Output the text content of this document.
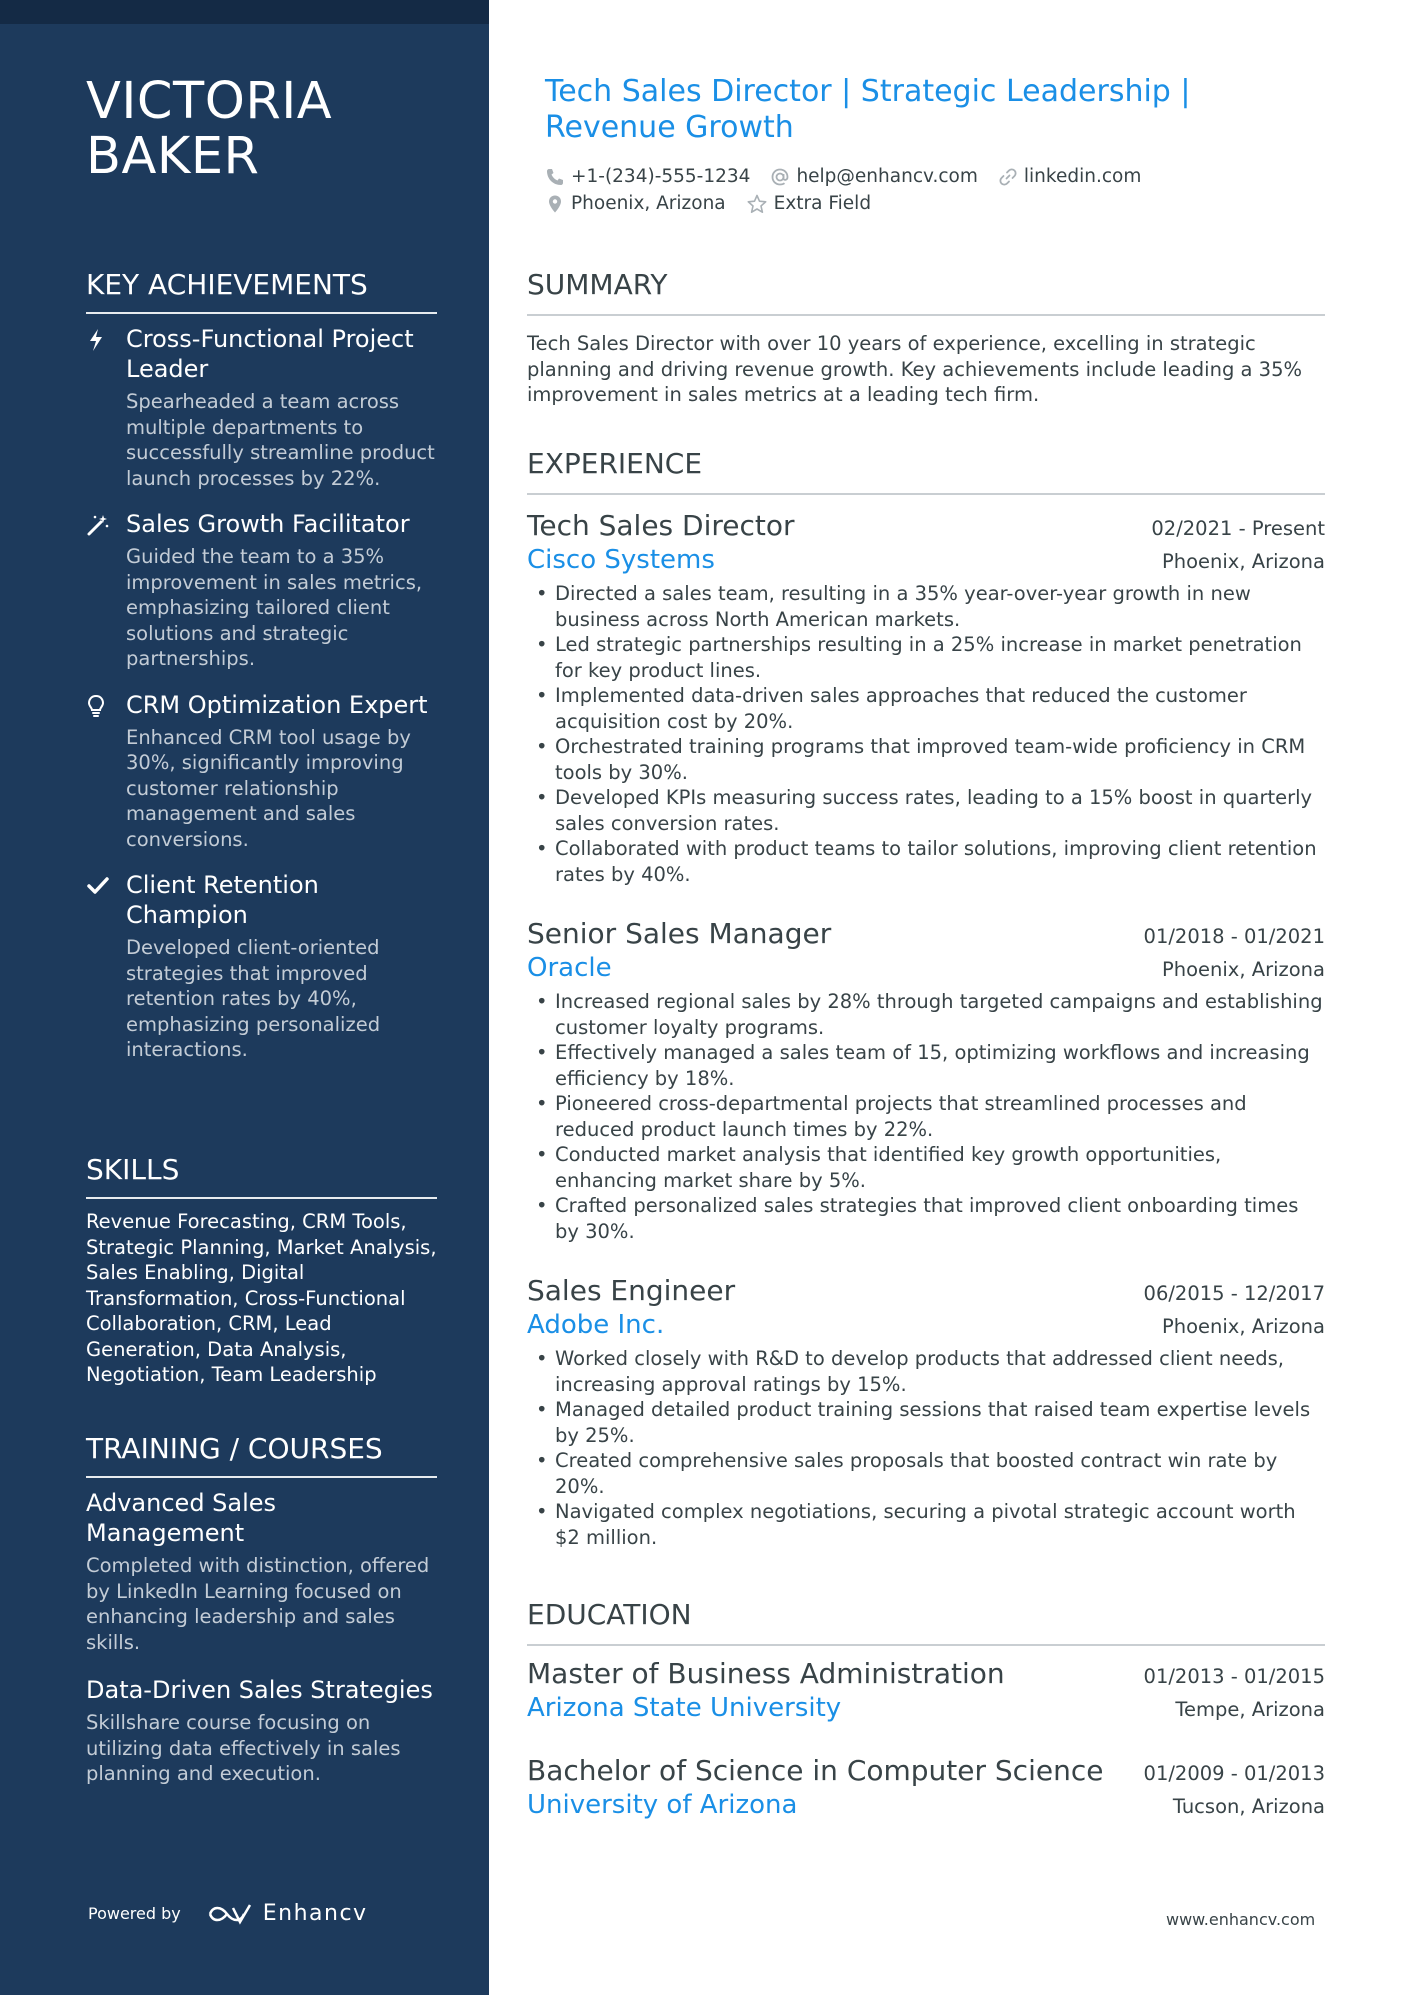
VICTORIA BAKER
KEY ACHIEVEMENTS
Cross-Functional Project Leader
Spearheaded a team across multiple departments to successfully streamline product launch processes by 22%.
Sales Growth Facilitator
Guided the team to a 35% improvement in sales metrics, emphasizing tailored client solutions and strategic partnerships.
CRM Optimization Expert
Enhanced CRM tool usage by 30%, significantly improving customer relationship management and sales conversions.
Client Retention Champion
Developed client-oriented strategies that improved retention rates by 40%, emphasizing personalized interactions.
SKILLS
Revenue Forecasting, CRM Tools, Strategic Planning, Market Analysis, Sales Enabling, Digital Transformation, Cross-Functional Collaboration, CRM, Lead Generation, Data Analysis, Negotiation, Team Leadership
TRAINING / COURSES
Advanced Sales Management
Completed with distinction, offered by LinkedIn Learning focused on enhancing leadership and sales skills.
Data-Driven Sales Strategies
Skillshare course focusing on utilizing data effectively in sales planning and execution.
Powered by	Enhancv
Tech Sales Director | Strategic Leadership | Revenue Growth
+1-(234)-555-1234 help@enhancv.com linkedin.com
Phoenix, Arizona	Extra Field
SUMMARY

Tech Sales Director with over 10 years of experience, excelling in strategic planning and driving revenue growth. Key achievements include leading a 35% improvement in sales metrics at a leading tech firm.

EXPERIENCE
Tech Sales Director	02/2021 - Present
Cisco Systems	Phoenix, Arizona
• Directed a sales team, resulting in a 35% year-over-year growth in new business across North American markets.
• Led strategic partnerships resulting in a 25% increase in market penetration for key product lines.
• Implemented data-driven sales approaches that reduced the customer acquisition cost by 20%.
• Orchestrated training programs that improved team-wide proficiency in CRM tools by 30%.
• Developed KPIs measuring success rates, leading to a 15% boost in quarterly sales conversion rates.
• Collaborated with product teams to tailor solutions, improving client retention rates by 40%.
Senior Sales Manager	01/2018 - 01/2021
Oracle	Phoenix, Arizona
• Increased regional sales by 28% through targeted campaigns and establishing customer loyalty programs.
• Effectively managed a sales team of 15, optimizing workflows and increasing efficiency by 18%.
• Pioneered cross-departmental projects that streamlined processes and reduced product launch times by 22%.
• Conducted market analysis that identified key growth opportunities, enhancing market share by 5%.
• Crafted personalized sales strategies that improved client onboarding times by 30%.
Sales Engineer	06/2015 - 12/2017
Adobe Inc.	Phoenix, Arizona
• Worked closely with R&D to develop products that addressed client needs, increasing approval ratings by 15%.
• Managed detailed product training sessions that raised team expertise levels by 25%.
• Created comprehensive sales proposals that boosted contract win rate by 20%.
• Navigated complex negotiations, securing a pivotal strategic account worth $2 million.
EDUCATION
Master of Business Administration	01/2013 - 01/2015
Arizona State University	Tempe, Arizona
Bachelor of Science in Computer Science 01/2009 - 01/2013
University of Arizona	Tucson, Arizona
www.enhancv.com
